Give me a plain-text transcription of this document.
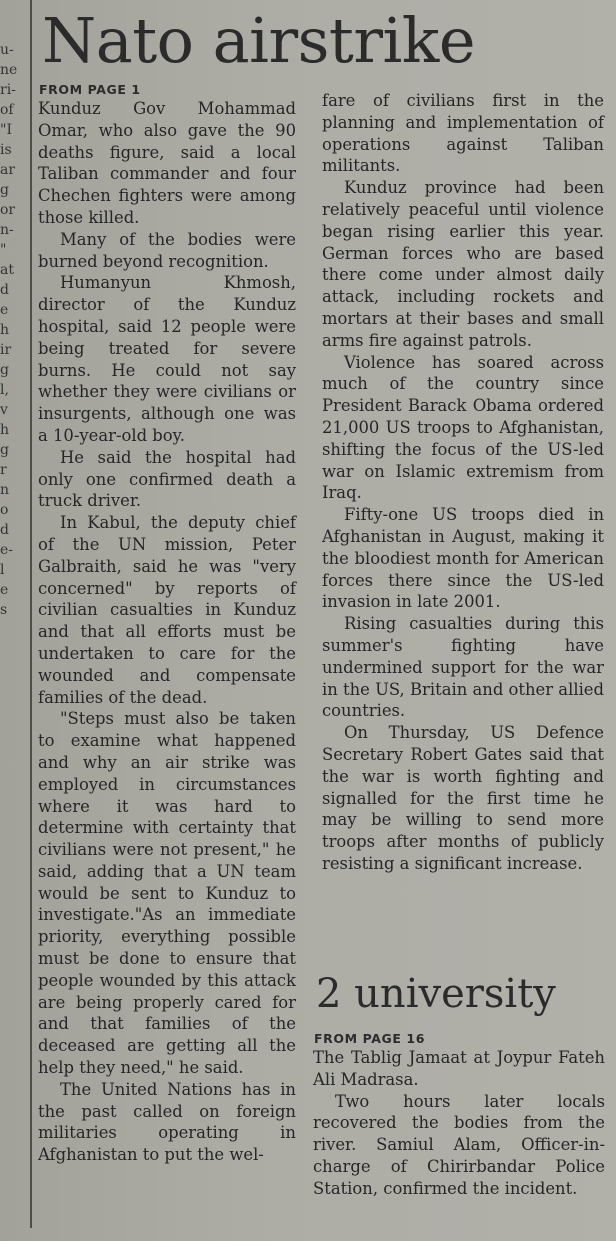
u-
ne
ri-
of
"I
is
ar
g
or
n-
"
at
d
e
h
ir
g
l,
v
h
g
r
n
o
d
e-
l
e
s

Nato airstrike
FROM PAGE 1

Kunduz Gov Mohammad Omar, who also gave the 90 deaths figure, said a local Taliban commander and four Chechen fighters were among those killed.

Many of the bodies were burned beyond recognition.

Humanyun Khmosh, director of the Kunduz hospital, said 12 people were being treated for severe burns. He could not say whether they were civilians or insurgents, although one was a 10-year-old boy.

He said the hospital had only one confirmed death a truck driver.

In Kabul, the deputy chief of the UN mission, Peter Galbraith, said he was "very concerned" by reports of civilian casualties in Kunduz and that all efforts must be undertaken to care for the wounded and compensate families of the dead.

"Steps must also be taken to examine what happened and why an air strike was employed in circumstances where it was hard to determine with certainty that civilians were not present," he said, adding that a UN team would be sent to Kunduz to investigate."As an immediate priority, everything possible must be done to ensure that people wounded by this attack are being properly cared for and that families of the deceased are getting all the help they need," he said.

The United Nations has in the past called on foreign militaries operating in Afghanistan to put the wel-

fare of civilians first in the planning and implementation of operations against Taliban militants.

Kunduz province had been relatively peaceful until violence began rising earlier this year. German forces who are based there come under almost daily attack, including rockets and mortars at their bases and small arms fire against patrols.

Violence has soared across much of the country since President Barack Obama ordered 21,000 US troops to Afghanistan, shifting the focus of the US-led war on Islamic extremism from Iraq.

Fifty-one US troops died in Afghanistan in August, making it the bloodiest month for American forces there since the US-led invasion in late 2001.

Rising casualties during this summer's fighting have undermined support for the war in the US, Britain and other allied countries.

On Thursday, US Defence Secretary Robert Gates said that the war is worth fighting and signalled for the first time he may be willing to send more troops after months of publicly resisting a significant increase.

2 university
FROM PAGE 16

The Tablig Jamaat at Joypur Fateh Ali Madrasa.

Two hours later locals recovered the bodies from the river. Samiul Alam, Officer-in-charge of Chirirbandar Police Station, confirmed the incident.
